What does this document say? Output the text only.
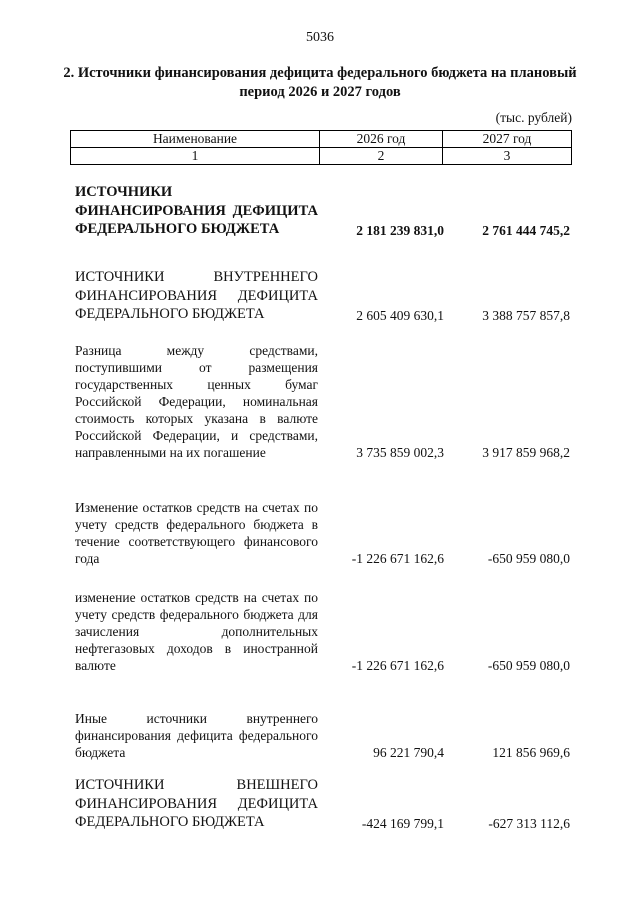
5036
2. Источники финансирования дефицита федерального бюджета на плановый период 2026 и 2027 годов
(тыс. рублей)
Наименование	2026 год	2027 год
1	2	3
ИСТОЧНИКИ ФИНАНСИРОВАНИЯ ДЕФИЦИТА ФЕДЕРАЛЬНОГО БЮДЖЕТА	2 181 239 831,0	2 761 444 745,2
ИСТОЧНИКИ ВНУТРЕННЕГО ФИНАНСИРОВАНИЯ ДЕФИЦИТА ФЕДЕРАЛЬНОГО БЮДЖЕТА	2 605 409 630,1	3 388 757 857,8
Разница между средствами, поступившими от размещения государственных ценных бумаг Российской Федерации, номинальная стоимость которых указана в валюте Российской Федерации, и средствами, направленными на их погашение	3 735 859 002,3	3 917 859 968,2
Изменение остатков средств на счетах по учету средств федерального бюджета в течение соответствующего финансового года	-1 226 671 162,6	-650 959 080,0
изменение остатков средств на счетах по учету средств федерального бюджета для зачисления дополнительных нефтегазовых доходов в иностранной валюте	-1 226 671 162,6	-650 959 080,0
Иные источники внутреннего финансирования дефицита федерального бюджета	96 221 790,4	121 856 969,6
ИСТОЧНИКИ ВНЕШНЕГО ФИНАНСИРОВАНИЯ ДЕФИЦИТА ФЕДЕРАЛЬНОГО БЮДЖЕТА	-424 169 799,1	-627 313 112,6
